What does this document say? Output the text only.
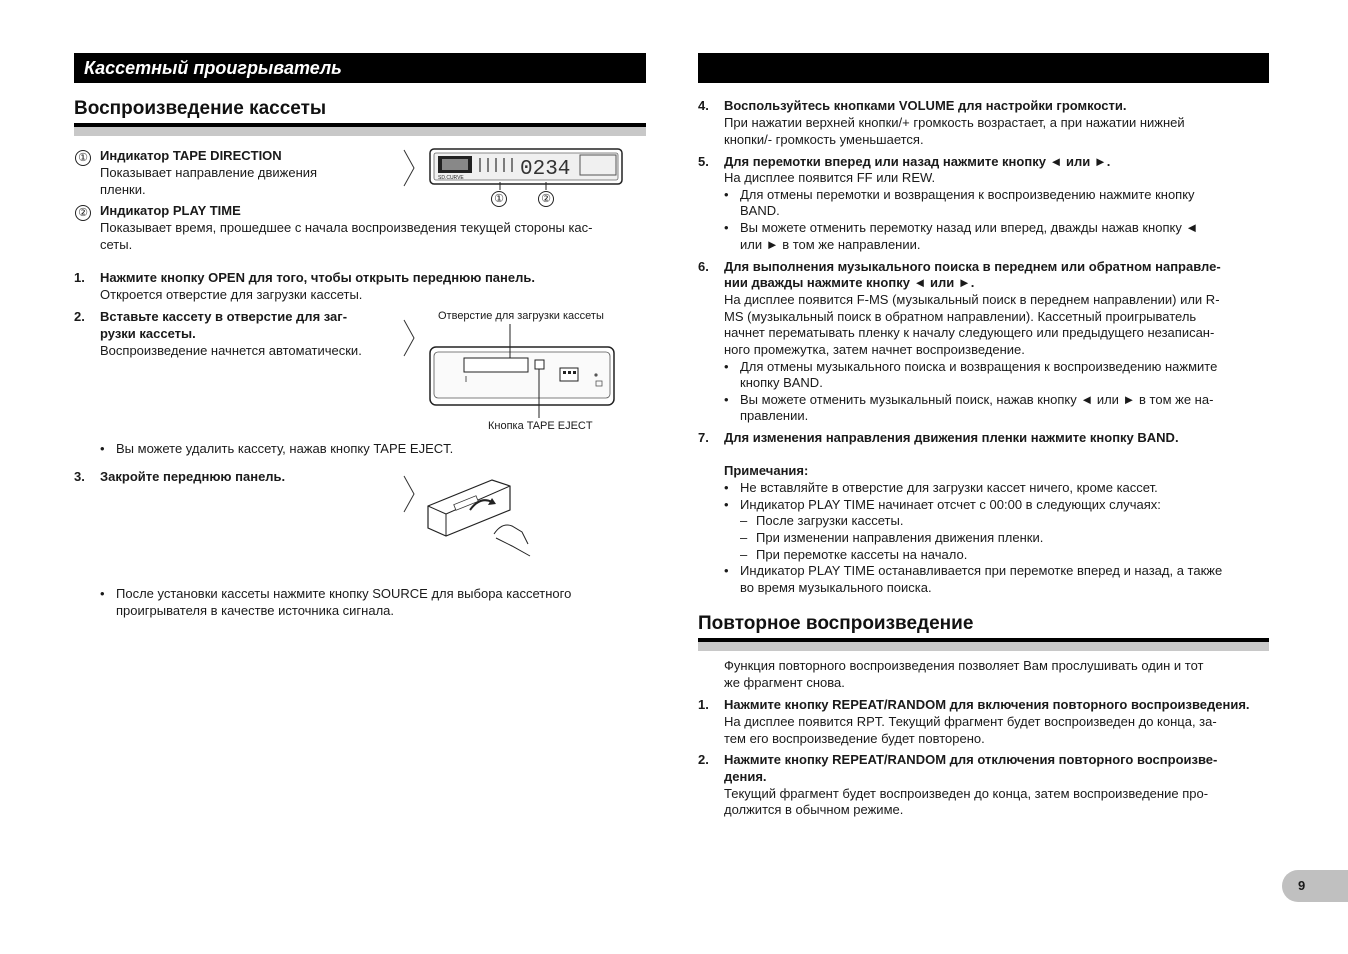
Кассетный проигрыватель
Воспроизведение кассеты
① Индикатор TAPE DIRECTION
Показывает направление движения
пленки.
② Индикатор PLAY TIME
Показывает время, прошедшее с начала воспроизведения текущей стороны кас-
сеты.
SD.CURVE	0234
①	②
1. Нажмите кнопку OPEN для того, чтобы открыть переднюю панель.
Откроется отверстие для загрузки кассеты.
2. Вставьте кассету в отверстие для заг-
рузки кассеты.
Воспроизведение начнется автоматически.
Отверстие для загрузки кассеты
Кнопка TAPE EJECT
• Вы можете удалить кассету, нажав кнопку TAPE EJECT.
3. Закройте переднюю панель.
• После установки кассеты нажмите кнопку SOURCE для выбора кассетного
проигрывателя в качестве источника сигнала.
4. Воспользуйтесь кнопками VOLUME для настройки громкости.
При нажатии верхней кнопки/+ громкость возрастает, а при нажатии нижней
кнопки/- громкость уменьшается.
5. Для перемотки вперед или назад нажмите кнопку ◄ или ►.
На дисплее появится FF или REW.
• Для отмены перемотки и возвращения к воспроизведению нажмите кнопку
BAND.
• Вы можете отменить перемотку назад или вперед, дважды нажав кнопку ◄
или ► в том же направлении.
6. Для выполнения музыкального поиска в переднем или обратном направле-
нии дважды нажмите кнопку ◄ или ►.
На дисплее появится F-MS (музыкальный поиск в переднем направлении) или R-
MS (музыкальный поиск в обратном направлении). Кассетный проигрыватель
начнет перематывать пленку к началу следующего или предыдущего незаписан-
ного промежутка, затем начнет воспроизведение.
• Для отмены музыкального поиска и возвращения к воспроизведению нажмите
кнопку BAND.
• Вы можете отменить музыкальный поиск, нажав кнопку ◄ или ► в том же на-
правлении.
7. Для изменения направления движения пленки нажмите кнопку BAND.
Примечания:
• Не вставляйте в отверстие для загрузки кассет ничего, кроме кассет.
• Индикатор PLAY TIME начинает отсчет с 00:00 в следующих случаях:
– После загрузки кассеты.
– При изменении направления движения пленки.
– При перемотке кассеты на начало.
• Индикатор PLAY TIME останавливается при перемотке вперед и назад, а также
во время музыкального поиска.
Повторное воспроизведение
Функция повторного воспроизведения позволяет Вам прослушивать один и тот
же фрагмент снова.
1. Нажмите кнопку REPEAT/RANDOM для включения повторного воспроизведения.
На дисплее появится RPT. Текущий фрагмент будет воспроизведен до конца, за-
тем его воспроизведение будет повторено.
2. Нажмите кнопку REPEAT/RANDOM для отключения повторного воспроизве-
дения.
Текущий фрагмент будет воспроизведен до конца, затем воспроизведение про-
должится в обычном режиме.
9
